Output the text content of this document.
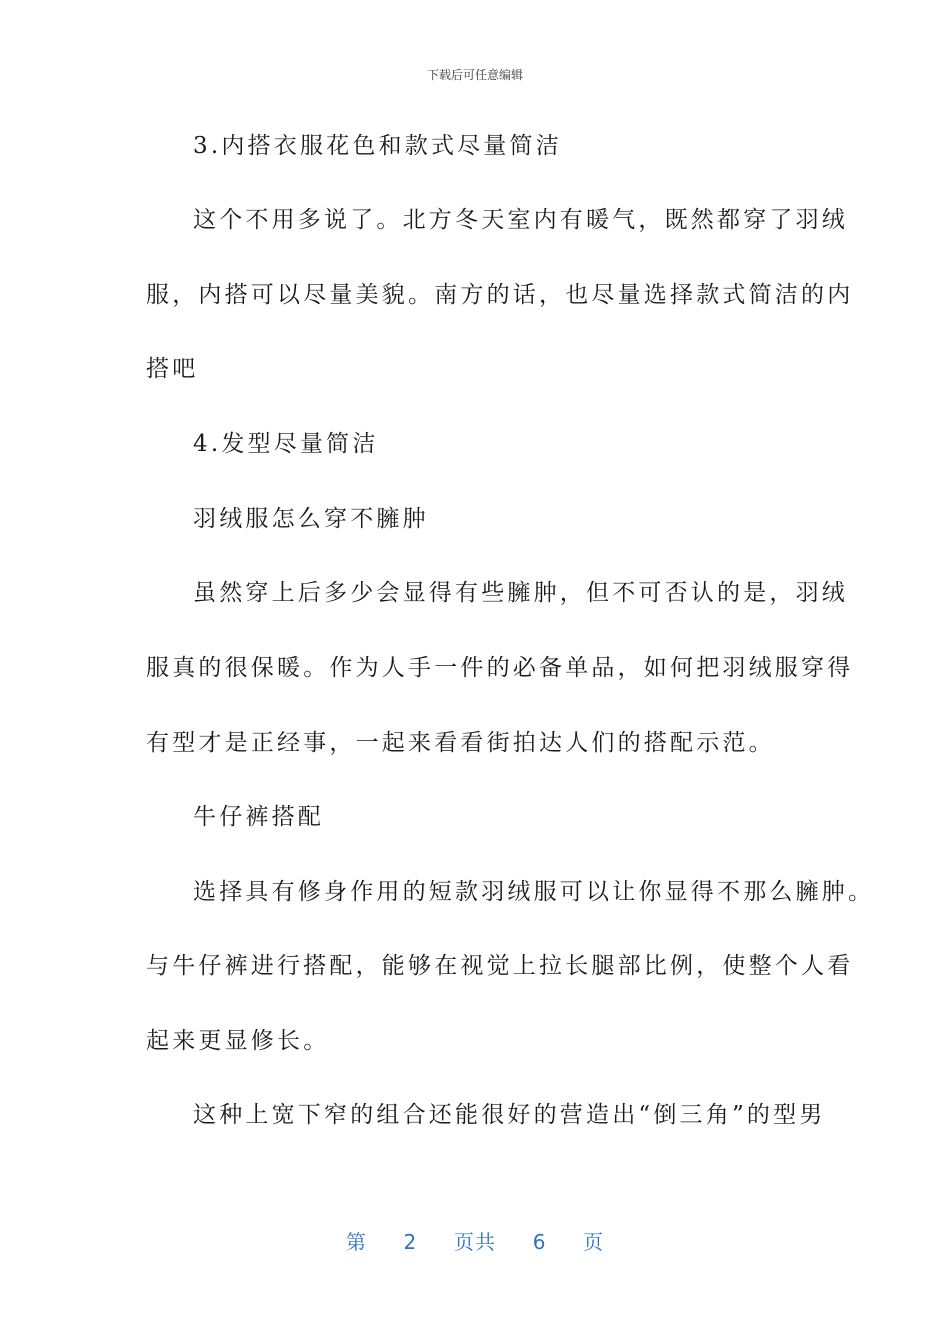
下载后可任意编辑
3.内搭衣服花色和款式尽量简洁
这个不用多说了。北方冬天室内有暖气，既然都穿了羽绒
服，内搭可以尽量美貌。南方的话，也尽量选择款式简洁的内
搭吧
4.发型尽量简洁
羽绒服怎么穿不臃肿
虽然穿上后多少会显得有些臃肿，但不可否认的是，羽绒
服真的很保暖。作为人手一件的必备单品，如何把羽绒服穿得
有型才是正经事，一起来看看街拍达人们的搭配示范。
牛仔裤搭配
选择具有修身作用的短款羽绒服可以让你显得不那么臃肿。
与牛仔裤进行搭配，能够在视觉上拉长腿部比例，使整个人看
起来更显修长。
这种上宽下窄的组合还能很好的营造出“倒三角”的型男
第 2 页共 6 页
